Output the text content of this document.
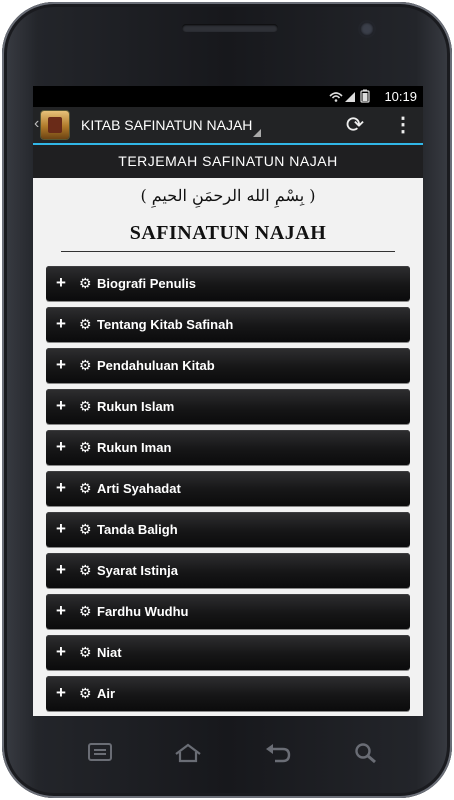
10:19
‹	KITAB SAFINATUN NAJAH	⟳ ⋮
TERJEMAH SAFINATUN NAJAH
( بِسْمِ الله الرحمَنِ الحيمِ )
SAFINATUN NAJAH
+ ⚙ Biografi Penulis
+ ⚙ Tentang Kitab Safinah
+ ⚙ Pendahuluan Kitab
+ ⚙ Rukun Islam
+ ⚙ Rukun Iman
+ ⚙ Arti Syahadat
+ ⚙ Tanda Baligh
+ ⚙ Syarat Istinja
+ ⚙ Fardhu Wudhu
+ ⚙ Niat
+ ⚙ Air
